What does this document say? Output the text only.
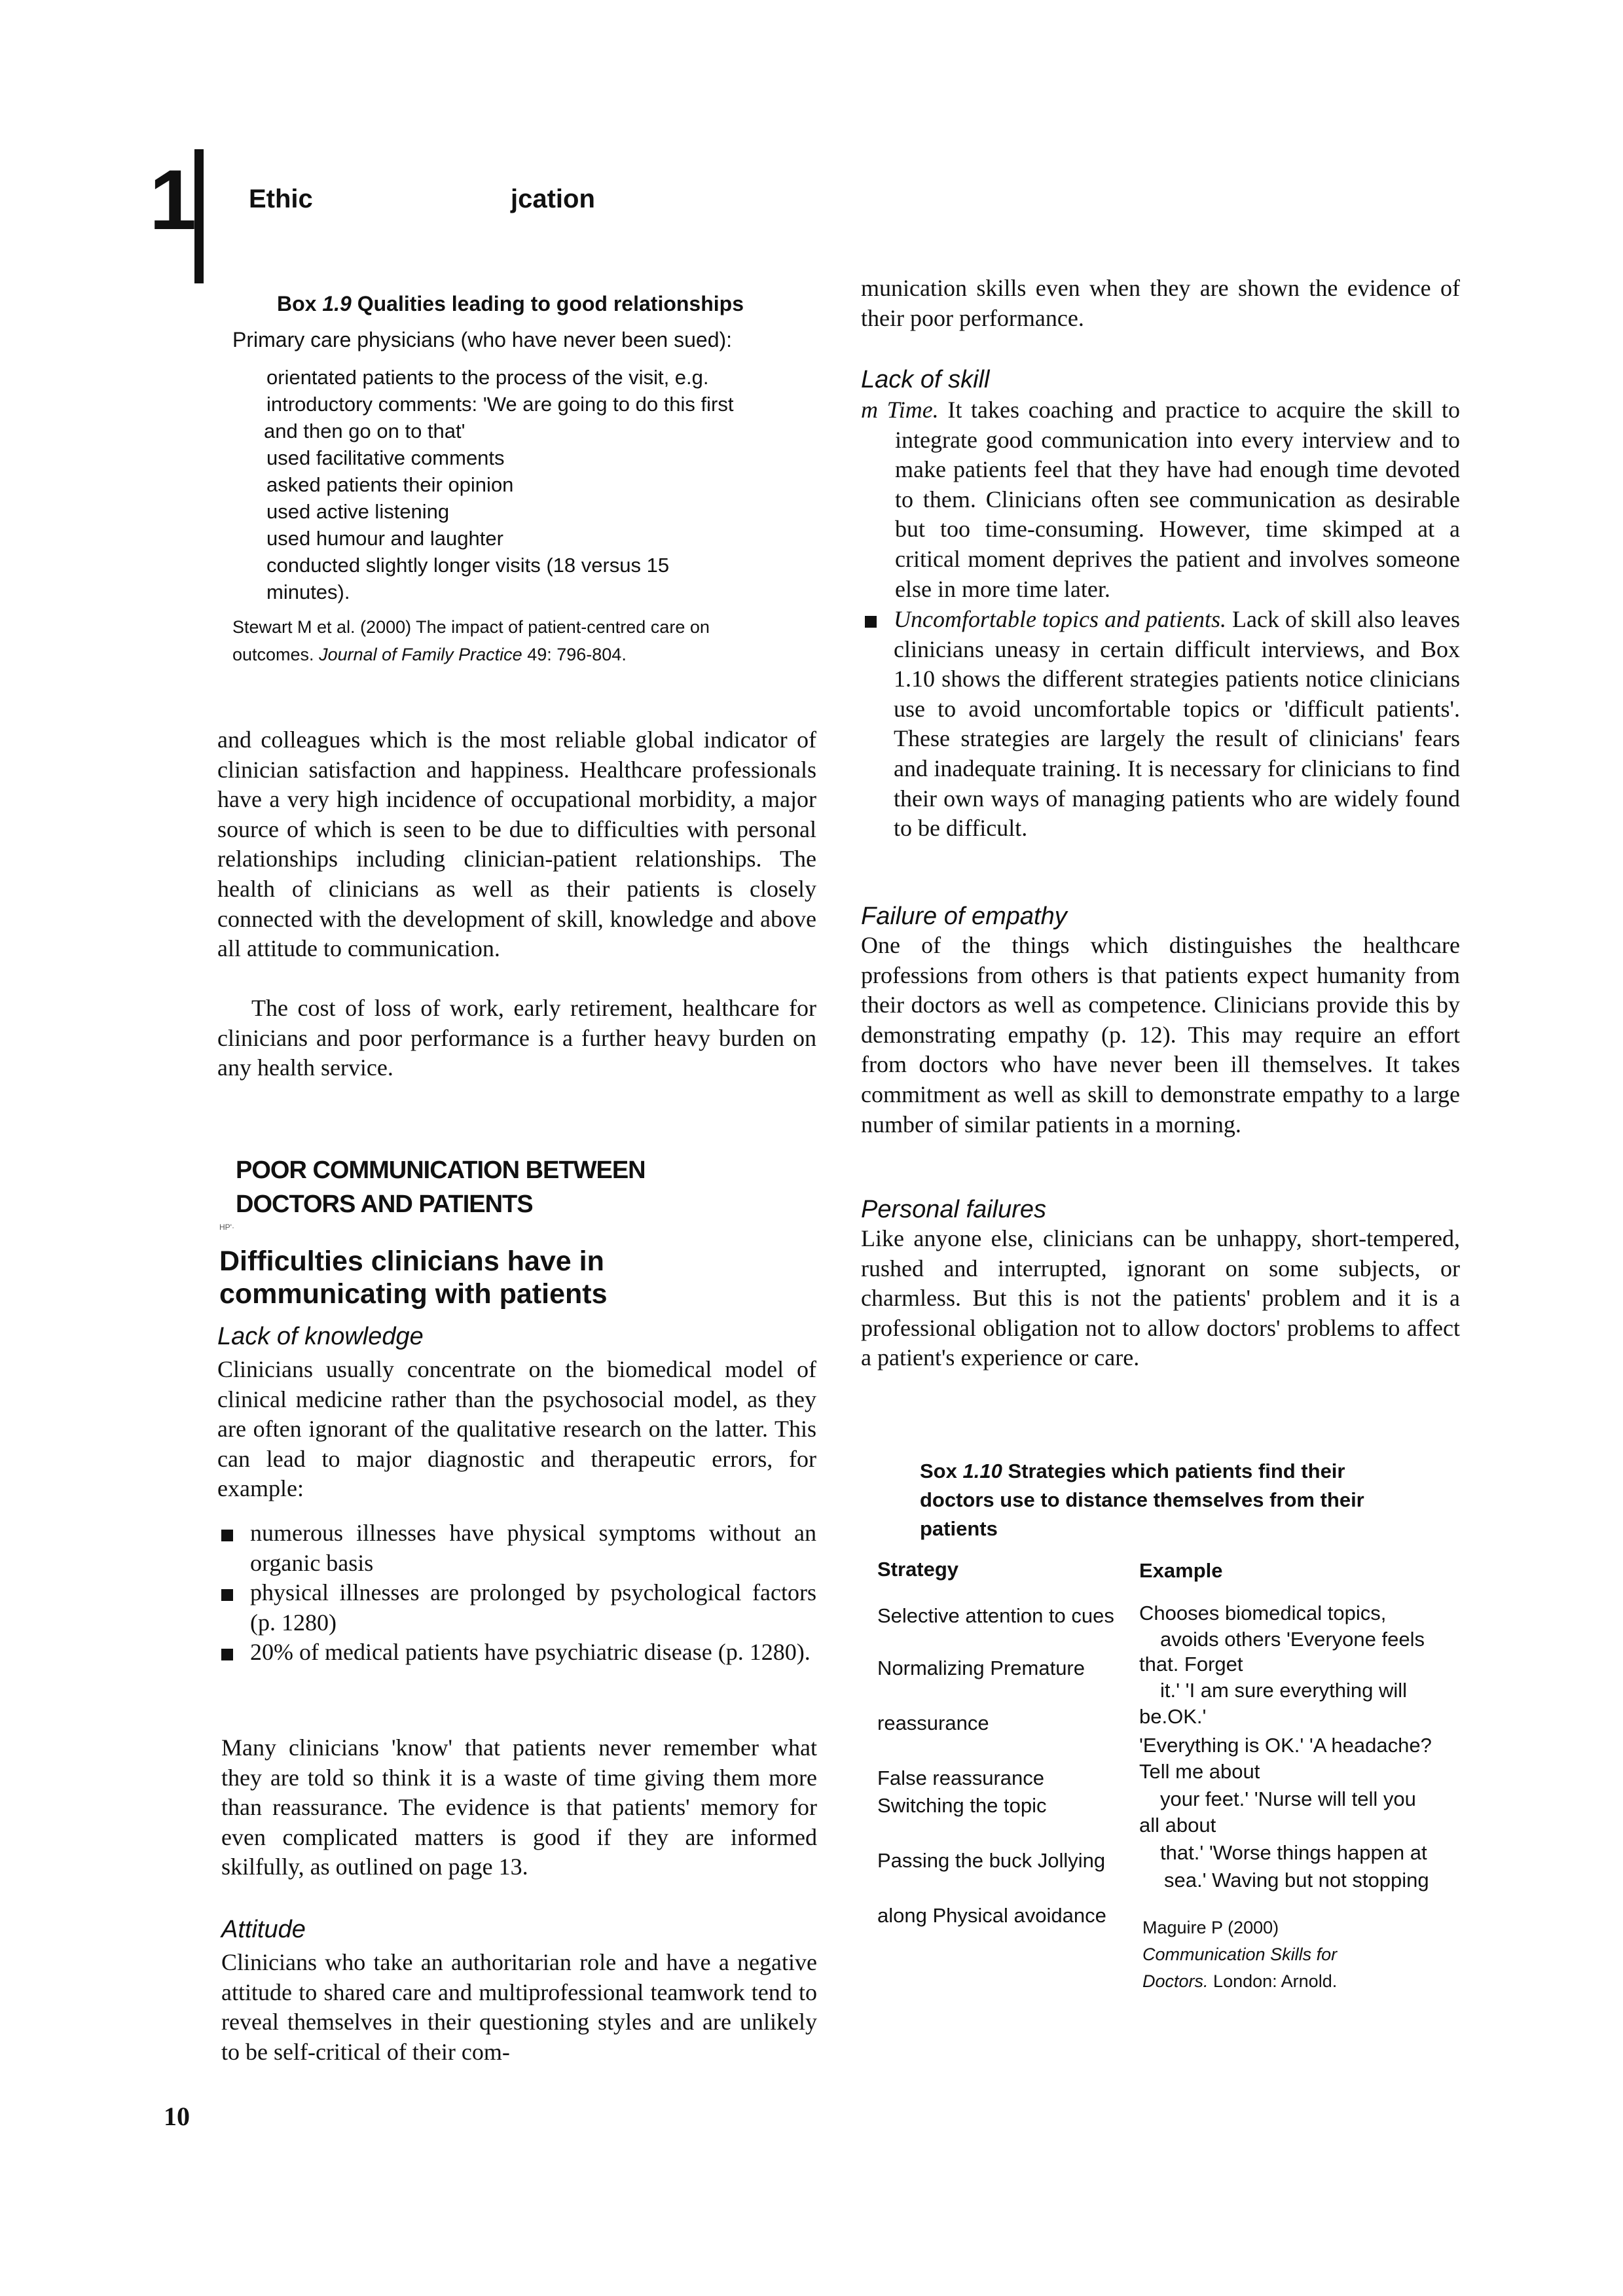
1 Ethic	jcation
Box 1.9 Qualities leading to good relationships
Primary care physicians (who have never been sued):
orientated patients to the process of the visit, e.g.
introductory comments: 'We are going to do this first
and then go on to that'
used facilitative comments
asked patients their opinion
used active listening
used humour and laughter
conducted slightly longer visits (18 versus 15
minutes).
Stewart M et al. (2000) The impact of patient-centred care on
outcomes. Journal of Family Practice 49: 796-804.

and colleagues which is the most reliable global indicator of clinician satisfaction and happiness. Healthcare professionals have a very high incidence of occupational morbidity, a major source of which is seen to be due to difficulties with personal relationships including clinician-patient relationships. The health of clinicians as well as their patients is closely connected with the development of skill, knowledge and above all attitude to communication.

The cost of loss of work, early retirement, healthcare for clinicians and poor performance is a further heavy burden on any health service.

POOR COMMUNICATION BETWEEN
DOCTORS AND PATIENTS
HP'·
Difficulties clinicians have in
communicating with patients

Lack of knowledge

Clinicians usually concentrate on the biomedical model of clinical medicine rather than the psychosocial model, as they are often ignorant of the qualitative research on the latter. This can lead to major diagnostic and therapeutic errors, for example:

numerous illnesses have physical symptoms without an organic basis
physical illnesses are prolonged by psychological factors (p. 1280)
20% of medical patients have psychiatric disease (p. 1280).

Many clinicians 'know' that patients never remember what they are told so think it is a waste of time giving them more than reassurance. The evidence is that patients' memory for even complicated matters is good if they are informed skilfully, as outlined on page 13.

Attitude

Clinicians who take an authoritarian role and have a negative attitude to shared care and multiprofessional teamwork tend to reveal themselves in their questioning styles and are unlikely to be self-critical of their com-

munication skills even when they are shown the evidence of their poor performance.

Lack of skill

m Time. It takes coaching and practice to acquire the skill to integrate good communication into every interview and to make patients feel that they have had enough time devoted to them. Clinicians often see communication as desirable but too time-consuming. However, time skimped at a critical moment deprives the patient and involves someone else in more time later.
Uncomfortable topics and patients. Lack of skill also leaves clinicians uneasy in certain difficult interviews, and Box 1.10 shows the different strategies patients notice clinicians use to avoid uncomfortable topics or 'difficult patients'. These strategies are largely the result of clinicians' fears and inadequate training. It is necessary for clinicians to find their own ways of managing patients who are widely found to be difficult.

Failure of empathy

One of the things which distinguishes the healthcare professions from others is that patients expect humanity from their doctors as well as competence. Clinicians provide this by demonstrating empathy (p. 12). This may require an effort from doctors who have never been ill themselves. It takes commitment as well as skill to demonstrate empathy to a large number of similar patients in a morning.

Personal failures

Like anyone else, clinicians can be unhappy, short-tempered, rushed and interrupted, ignorant on some subjects, or charmless. But this is not the patients' problem and it is a professional obligation not to allow doctors' problems to affect a patient's experience or care.

Sox 1.10 Strategies which patients find their
doctors use to distance themselves from their
patients
Strategy	Example
Selective attention to cues
Normalizing Premature
reassurance
False reassurance
Switching the topic
Passing the buck Jollying
along Physical avoidance
Chooses biomedical topics,
avoids others 'Everyone feels
that. Forget
it.' 'I am sure everything will
be.OK.'
'Everything is OK.' 'A headache?
Tell me about
your feet.' 'Nurse will tell you
all about
that.' 'Worse things happen at
sea.' Waving but not stopping
Maguire P (2000)
Communication Skills for
Doctors. London: Arnold.
10
